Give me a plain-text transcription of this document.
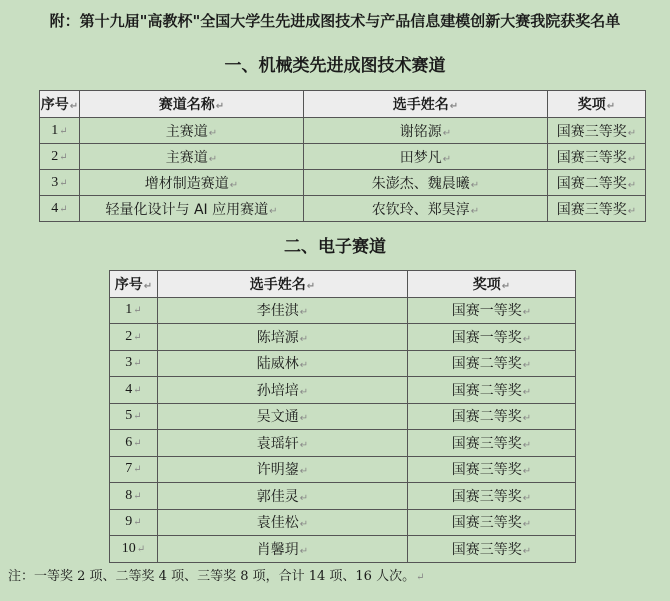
附：第十九届"高教杯"全国大学生先进成图技术与产品信息建模创新大赛我院获奖名单
一、机械类先进成图技术赛道
序号↵	赛道名称↵	选手姓名↵	奖项↵
1↵	主赛道↵	谢铭源↵	国赛三等奖↵
2↵	主赛道↵	田梦凡↵	国赛三等奖↵
3↵	增材制造赛道↵	朱澎杰、魏晨曦↵	国赛二等奖↵
4↵	轻量化设计与 AI 应用赛道↵	农钦玲、郑昊淳↵	国赛三等奖↵
二、电子赛道
序号↵	选手姓名↵	奖项↵
1↵	李佳淇↵	国赛一等奖↵
2↵	陈培源↵	国赛一等奖↵
3↵	陆威林↵	国赛二等奖↵
4↵	孙培培↵	国赛二等奖↵
5↵	吴文通↵	国赛二等奖↵
6↵	袁瑶轩↵	国赛三等奖↵
7↵	许明鋆↵	国赛三等奖↵
8↵	郭佳灵↵	国赛三等奖↵
9↵	袁佳松↵	国赛三等奖↵
10↵	肖馨玥↵	国赛三等奖↵
注：一等奖 2 项、二等奖 4 项、三等奖 8 项，合计 14 项、16 人次。↵
